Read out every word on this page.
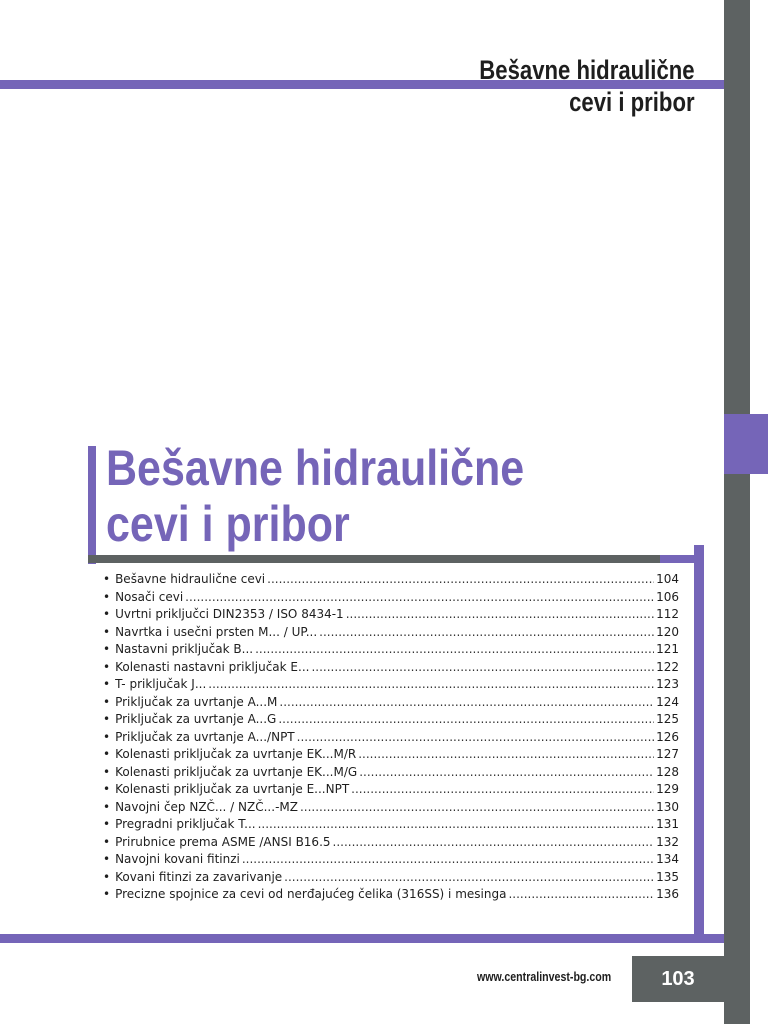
Bešavne hidraulične
cevi i pribor
Bešavne hidraulične
cevi i pribor
• Bešavne hidraulične cevi .....	104
• Nosači cevi .....	106
• Uvrtni priključci DIN2353 / ISO 8434-1 .....	112
• Navrtka i usečni prsten M... / UP... .....	120
• Nastavni priključak B... .....	121
• Kolenasti nastavni priključak E... .....	122
• T- priključak J... .....	123
• Priključak za uvrtanje A...M .....	124
• Priključak za uvrtanje A...G .....	125
• Priključak za uvrtanje A.../NPT .....	126
• Kolenasti priključak za uvrtanje EK...M/R .....	127
• Kolenasti priključak za uvrtanje EK...M/G .....	128
• Kolenasti priključak za uvrtanje E...NPT .....	129
• Navojni čep NZČ... / NZČ...-MZ .....	130
• Pregradni priključak T... .....	131
• Prirubnice prema ASME /ANSI B16.5 .....	132
• Navojni kovani fitinzi .....	134
• Kovani fitinzi za zavarivanje .....	135
• Precizne spojnice za cevi od nerđajućeg čelika (316SS) i mesinga .....	136
www.centralinvest-bg.com	103
